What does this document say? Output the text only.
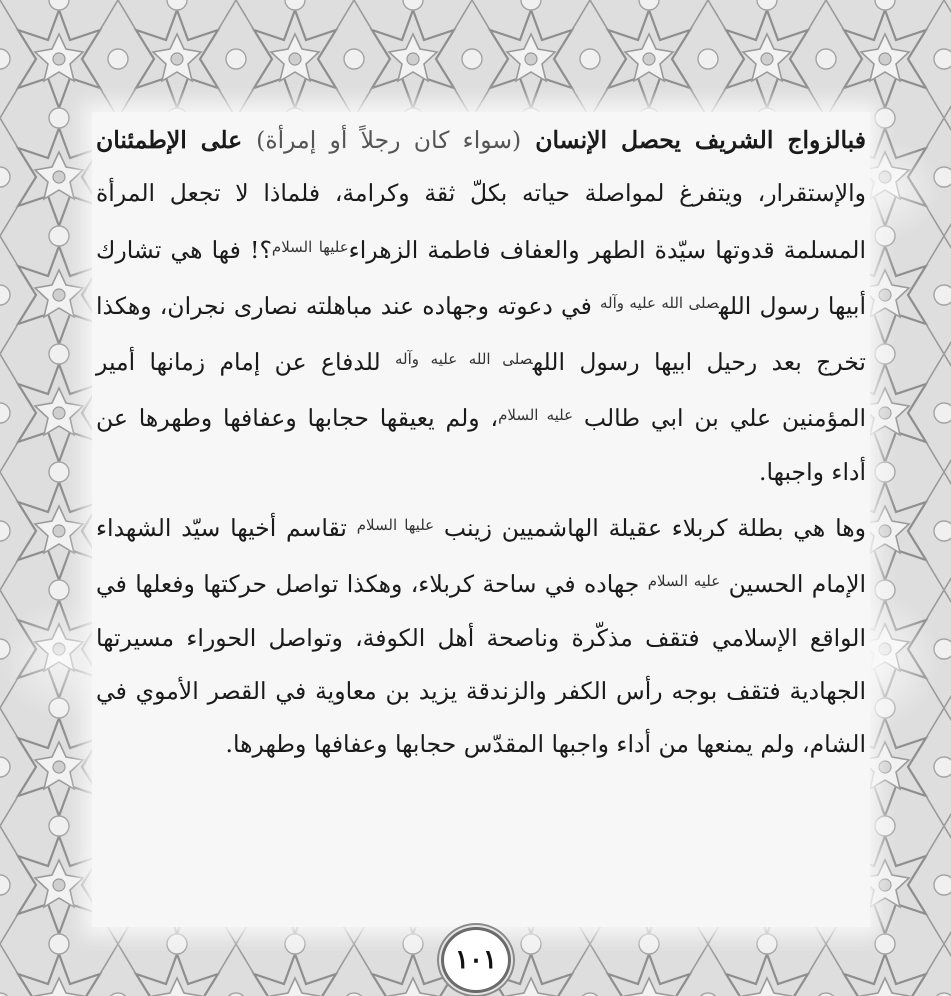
فبالزواج الشريف يحصل الإنسان (سواء كان رجلاً أو إمرأة) على الإطمئنان والإستقرار، ويتفرغ لمواصلة حياته بكلّ ثقة وكرامة، فلماذا لا تجعل المرأة المسلمة قدوتها سيّدة الطهر والعفاف فاطمة الزهراء$^{عليها السلام}$؟! فها هي تشارك أبيها رسول الله$^{صلى الله عليه وآله}$ في دعوته وجهاده عند مباهلته نصارى نجران، وهكذا تخرج بعد رحيل ابيها رسول الله$^{صلى الله عليه وآله}$ للدفاع عن إمام زمانها أمير المؤمنين علي بن ابي طالب $^{عليه السلام}$، ولم يعيقها حجابها وعفافها وطهرها عن أداء واجبها.

وها هي بطلة كربلاء عقيلة الهاشميين زينب $^{عليها السلام}$ تقاسم أخيها سيّد الشهداء الإمام الحسين $^{عليه السلام}$ جهاده في ساحة كربلاء، وهكذا تواصل حركتها وفعلها في الواقع الإسلامي فتقف مذكّرة وناصحة أهل الكوفة، وتواصل الحوراء مسيرتها الجهادية فتقف بوجه رأس الكفر والزندقة يزيد بن معاوية في القصر الأموي في الشام، ولم يمنعها من أداء واجبها المقدّس حجابها وعفافها وطهرها.

١٠١
